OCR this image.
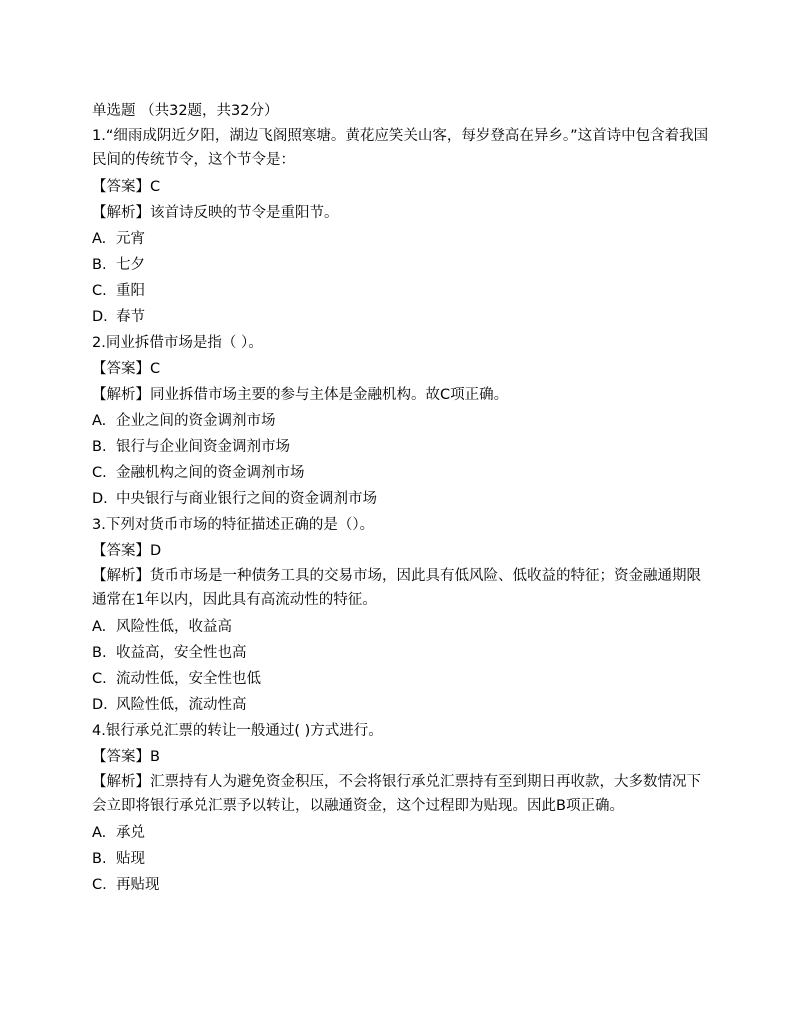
单选题 （共32题，共32分）
1.“细雨成阴近夕阳，湖边飞阁照寒塘。黄花应笑关山客，每岁登高在异乡。”这首诗中包含着我国民间的传统节令，这个节令是：
【答案】C
【解析】该首诗反映的节令是重阳节。
A. 元宵
B. 七夕
C. 重阳
D. 春节
2.同业拆借市场是指（ ）。
【答案】C
【解析】同业拆借市场主要的参与主体是金融机构。故C项正确。
A. 企业之间的资金调剂市场
B. 银行与企业间资金调剂市场
C. 金融机构之间的资金调剂市场
D. 中央银行与商业银行之间的资金调剂市场
3.下列对货币市场的特征描述正确的是（）。
【答案】D
【解析】货币市场是一种债务工具的交易市场，因此具有低风险、低收益的特征；资金融通期限通常在1年以内，因此具有高流动性的特征。
A. 风险性低，收益高
B. 收益高，安全性也高
C. 流动性低，安全性也低
D. 风险性低，流动性高
4.银行承兑汇票的转让一般通过( )方式进行。
【答案】B
【解析】汇票持有人为避免资金积压，不会将银行承兑汇票持有至到期日再收款，大多数情况下会立即将银行承兑汇票予以转让，以融通资金，这个过程即为贴现。因此B项正确。
A. 承兑
B. 贴现
C. 再贴现
